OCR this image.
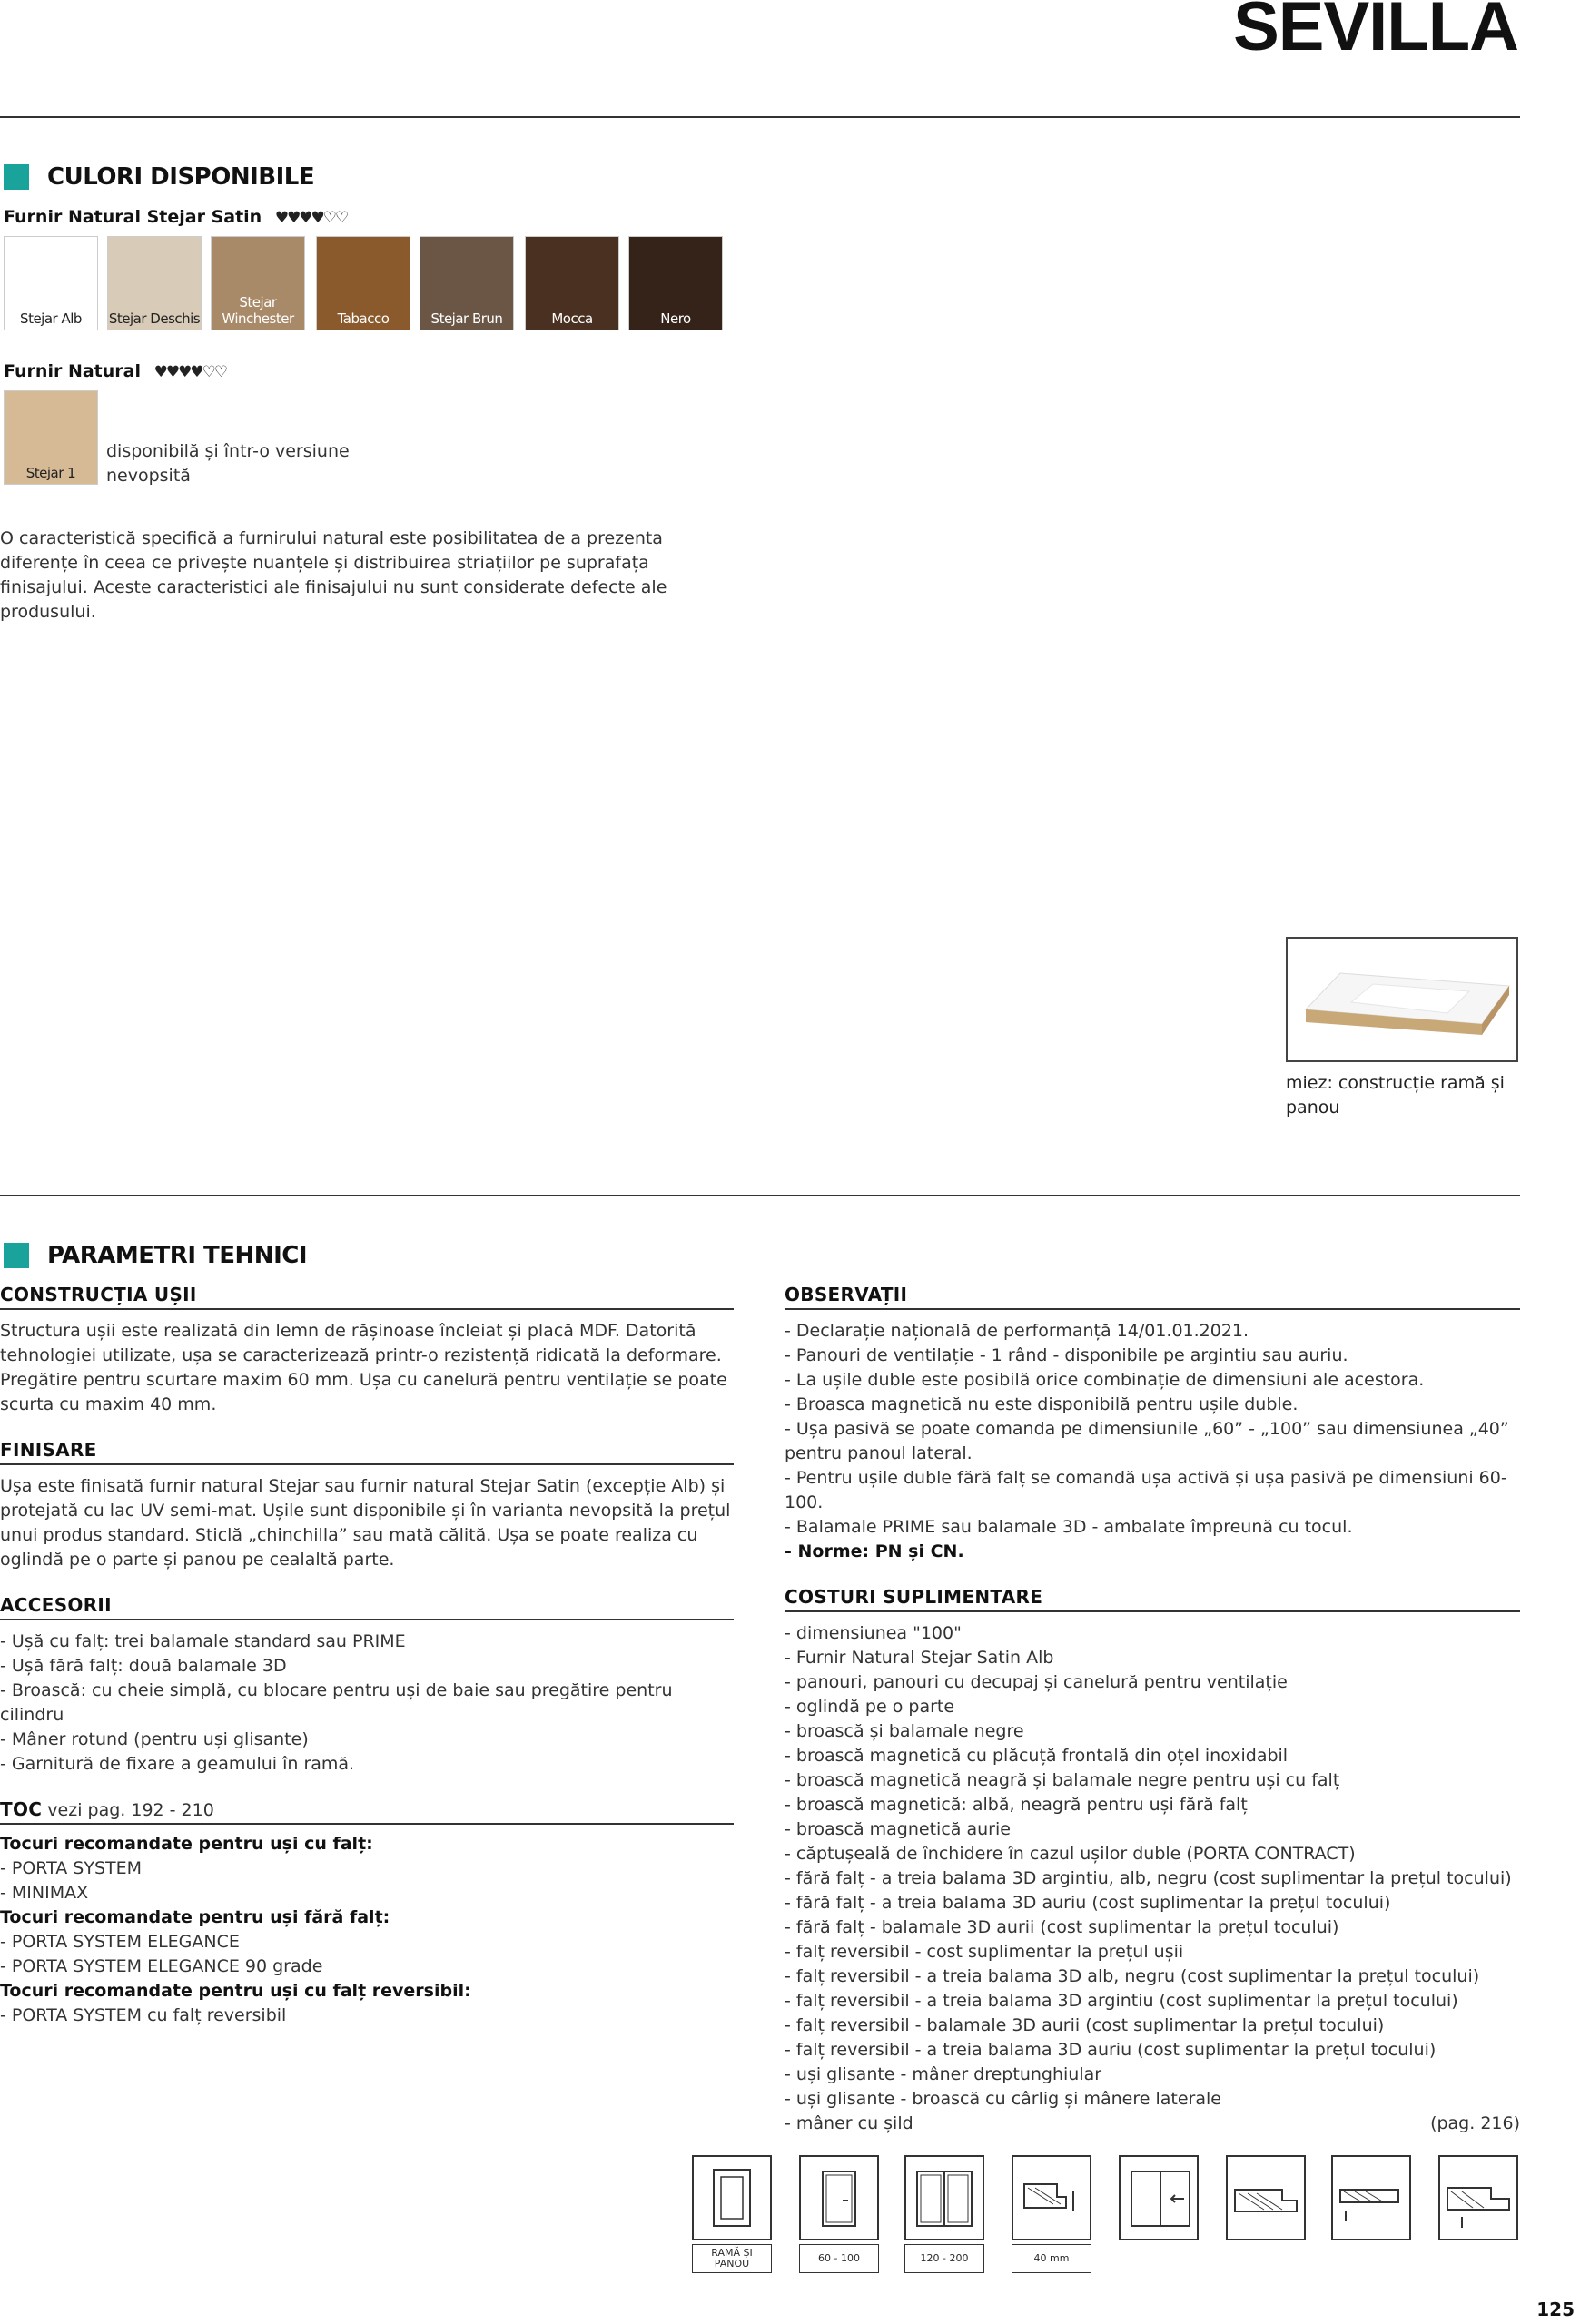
SEVILLA
CULORI DISPONIBILE
Furnir Natural Stejar Satin ♥♥♥♥♡♡
Stejar Alb Stejar Deschis
Stejar Winchester	Tabacco	Stejar Brun	Mocca	Nero
Furnir Natural ♥♥♥♥♡♡
Stejar 1
disponibilă și într-o versiune nevopsită
O caracteristică specifică a furnirului natural este posibilitatea de a prezenta diferențe în ceea ce privește nuanțele și distribuirea striațiilor pe suprafața finisajului. Aceste caracteristici ale finisajului nu sunt considerate defecte ale produsului.
miez: construcție ramă și panou
PARAMETRI TEHNICI
CONSTRUCȚIA UȘII
Structura ușii este realizată din lemn de rășinoase încleiat și placă MDF. Datorită tehnologiei utilizate, ușa se caracterizează printr-o rezistență ridicată la deformare. Pregătire pentru scurtare maxim 60 mm. Ușa cu canelură pentru ventilație se poate scurta cu maxim 40 mm.
FINISARE
Ușa este finisată furnir natural Stejar sau furnir natural Stejar Satin (excepție Alb) și protejată cu lac UV semi-mat. Ușile sunt disponibile și în varianta nevopsită la prețul unui produs standard. Sticlă „chinchilla” sau mată călită. Ușa se poate realiza cu oglindă pe o parte și panou pe cealaltă parte.
ACCESORII
- Ușă cu falț: trei balamale standard sau PRIME
- Ușă fără falț: două balamale 3D
- Broască: cu cheie simplă, cu blocare pentru uși de baie sau pregătire pentru cilindru
- Mâner rotund (pentru uși glisante)
- Garnitură de fixare a geamului în ramă.
TOC vezi pag. 192 - 210
Tocuri recomandate pentru uși cu falț:
- PORTA SYSTEM
- MINIMAX
Tocuri recomandate pentru uși fără falț:
- PORTA SYSTEM ELEGANCE
- PORTA SYSTEM ELEGANCE 90 grade
Tocuri recomandate pentru uși cu falț reversibil:
- PORTA SYSTEM cu falț reversibil
OBSERVAȚII
- Declarație națională de performanță 14/01.01.2021.
- Panouri de ventilație - 1 rând - disponibile pe argintiu sau auriu.
- La ușile duble este posibilă orice combinație de dimensiuni ale acestora.
- Broasca magnetică nu este disponibilă pentru ușile duble.
- Ușa pasivă se poate comanda pe dimensiunile „60” - „100” sau dimensiunea „40” pentru panoul lateral.
- Pentru ușile duble fără falț se comandă ușa activă și ușa pasivă pe dimensiuni 60-100.
- Balamale PRIME sau balamale 3D - ambalate împreună cu tocul.
- Norme: PN și CN.
COSTURI SUPLIMENTARE
- dimensiunea "100"
- Furnir Natural Stejar Satin Alb
- panouri, panouri cu decupaj și canelură pentru ventilație
- oglindă pe o parte
- broască și balamale negre
- broască magnetică cu plăcuță frontală din oțel inoxidabil
- broască magnetică neagră și balamale negre pentru uși cu falț
- broască magnetică: albă, neagră pentru uși fără falț
- broască magnetică aurie
- căptușeală de închidere în cazul ușilor duble (PORTA CONTRACT)
- fără falț - a treia balama 3D argintiu, alb, negru (cost suplimentar la prețul tocului)
- fără falț - a treia balama 3D auriu (cost suplimentar la prețul tocului)
- fără falț - balamale 3D aurii (cost suplimentar la prețul tocului)
- falț reversibil - cost suplimentar la prețul ușii
- falț reversibil - a treia balama 3D alb, negru (cost suplimentar la prețul tocului)
- falț reversibil - a treia balama 3D argintiu (cost suplimentar la prețul tocului)
- falț reversibil - balamale 3D aurii (cost suplimentar la prețul tocului)
- falț reversibil - a treia balama 3D auriu (cost suplimentar la prețul tocului)
- uși glisante - mâner dreptunghiular
- uși glisante - broască cu cârlig și mânere laterale
- mâner cu șild	(pag. 216)
RAMĂ ȘI PANOU	60 - 100	120 - 200	40 mm
125
